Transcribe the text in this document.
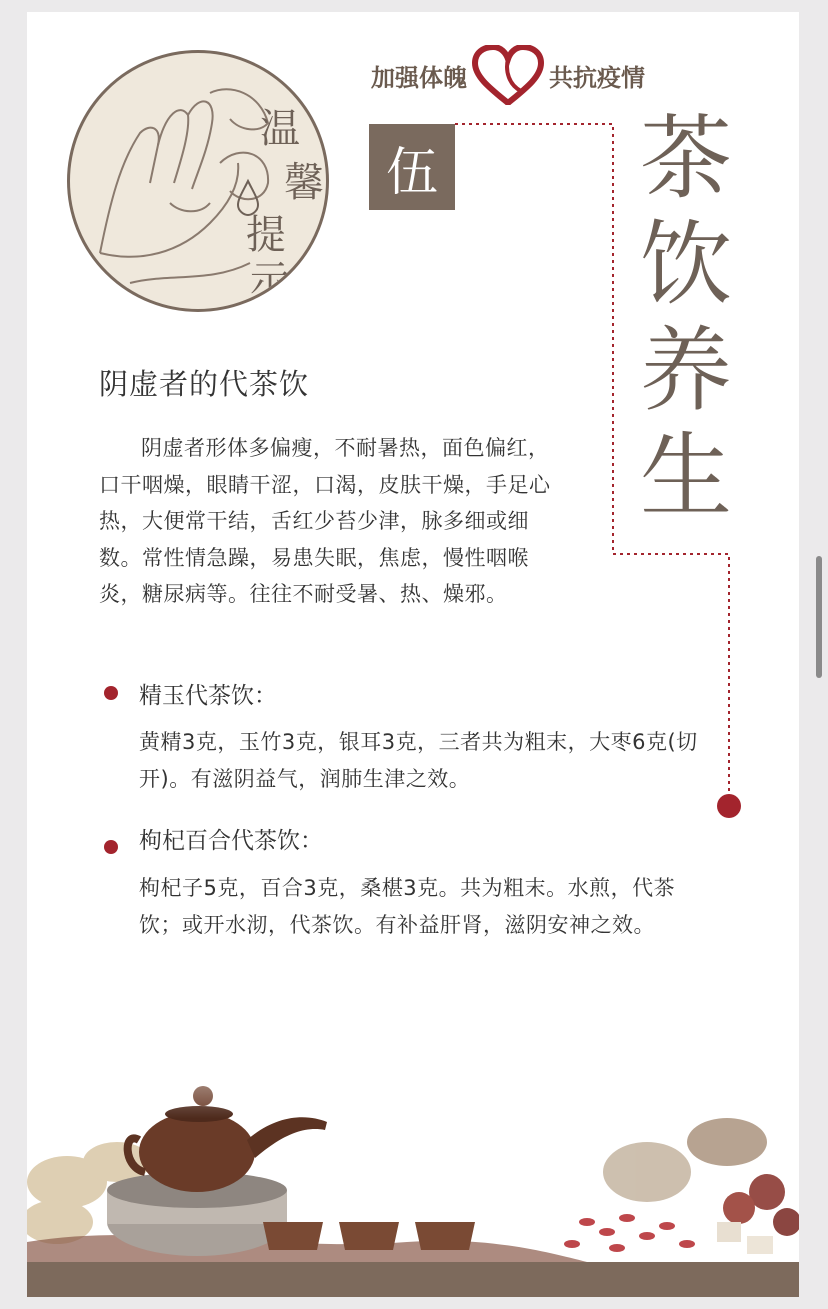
温
馨
提
示
加强体魄	共抗疫情
伍 茶
饮
养
生
阴虚者的代茶饮
阴虚者形体多偏瘦，不耐暑热，面色偏红，口干咽燥，眼睛干涩，口渴，皮肤干燥，手足心热，大便常干结，舌红少苔少津，脉多细或细数。常性情急躁，易患失眠，焦虑，慢性咽喉炎，糖尿病等。往往不耐受暑、热、燥邪。
精玉代茶饮：
黄精3克，玉竹3克，银耳3克，三者共为粗末，大枣6克(切开)。有滋阴益气，润肺生津之效。
枸杞百合代茶饮：
枸杞子5克，百合3克，桑椹3克。共为粗末。水煎，代茶饮；或开水沏，代茶饮。有补益肝肾，滋阴安神之效。
